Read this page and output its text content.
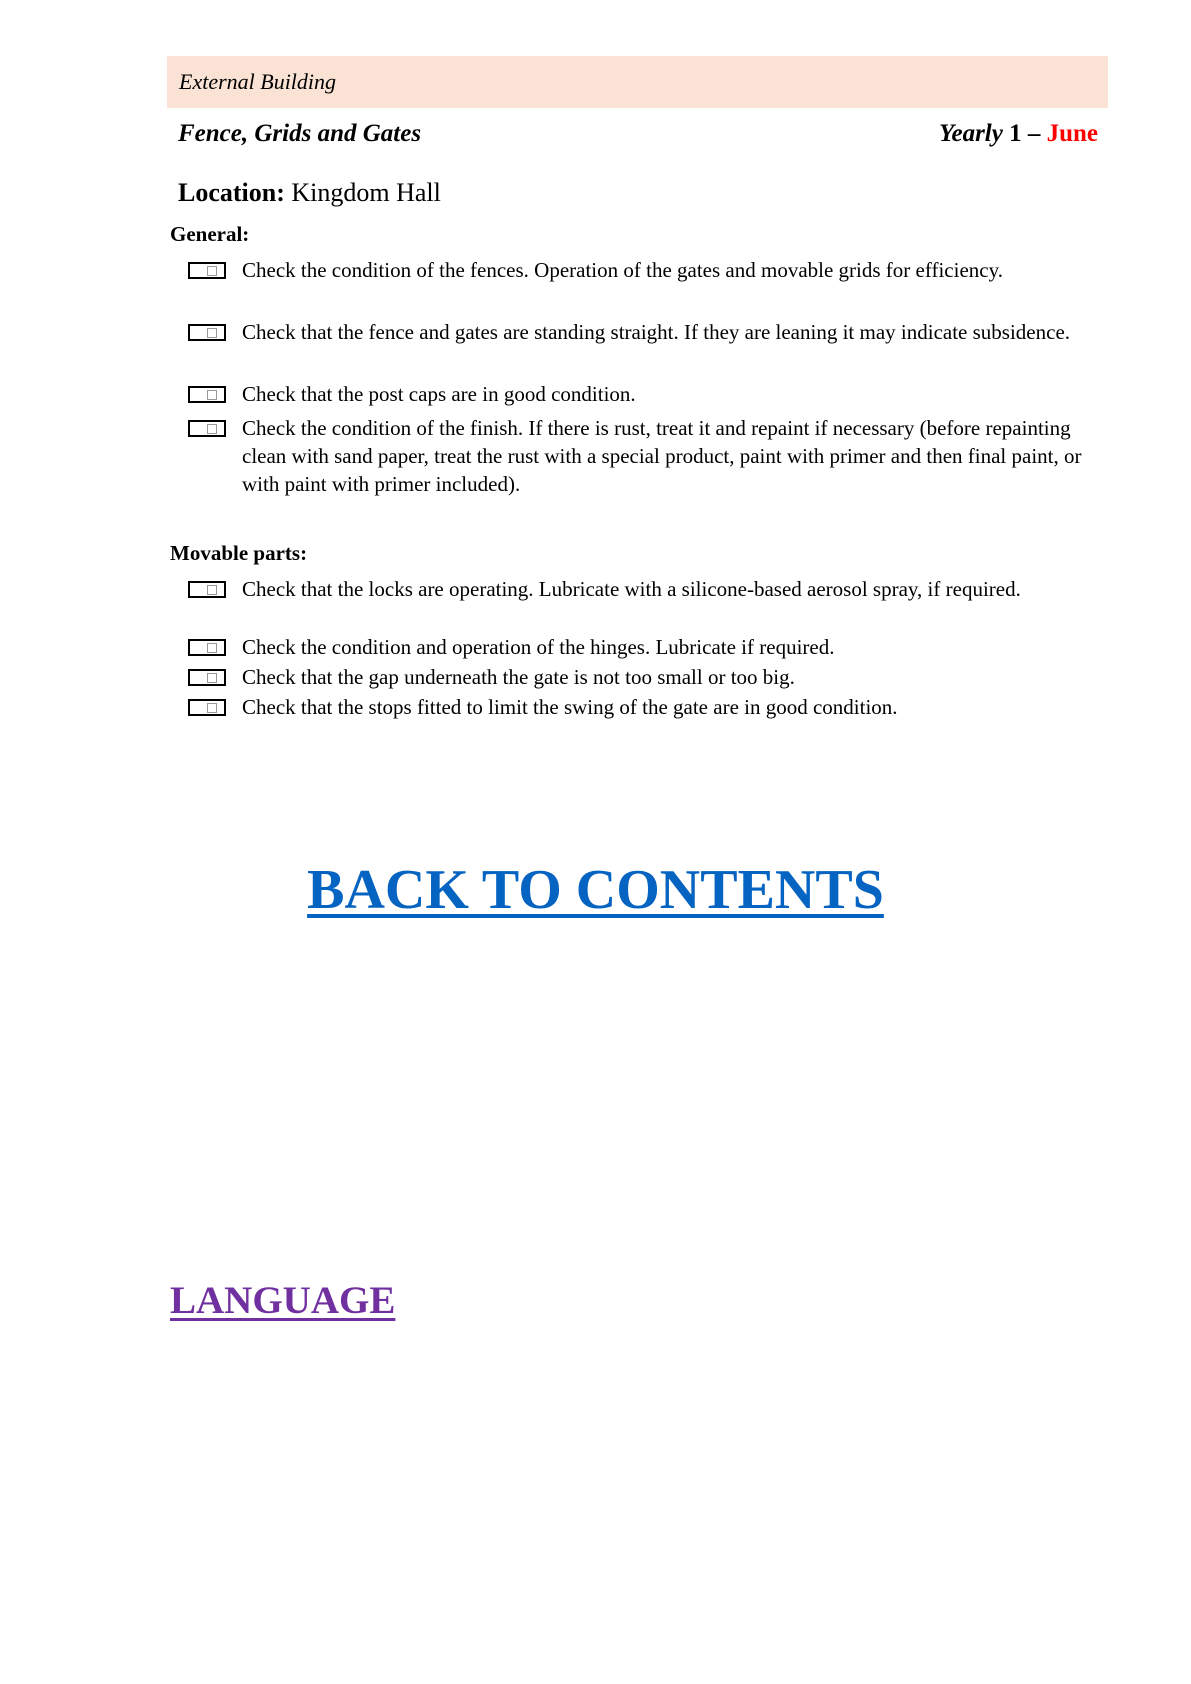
External Building
Fence, Grids and Gates	Yearly 1 – June
Location: Kingdom Hall
General:
Check the condition of the fences. Operation of the gates and movable grids for efficiency.
Check that the fence and gates are standing straight. If they are leaning it may indicate subsidence.
Check that the post caps are in good condition.
Check the condition of the finish. If there is rust, treat it and repaint if necessary (before repainting clean with sand paper, treat the rust with a special product, paint with primer and then final paint, or with paint with primer included).
Movable parts:
Check that the locks are operating. Lubricate with a silicone-based aerosol spray, if required.
Check the condition and operation of the hinges. Lubricate if required.
Check that the gap underneath the gate is not too small or too big.
Check that the stops fitted to limit the swing of the gate are in good condition.
BACK TO CONTENTS
LANGUAGE
